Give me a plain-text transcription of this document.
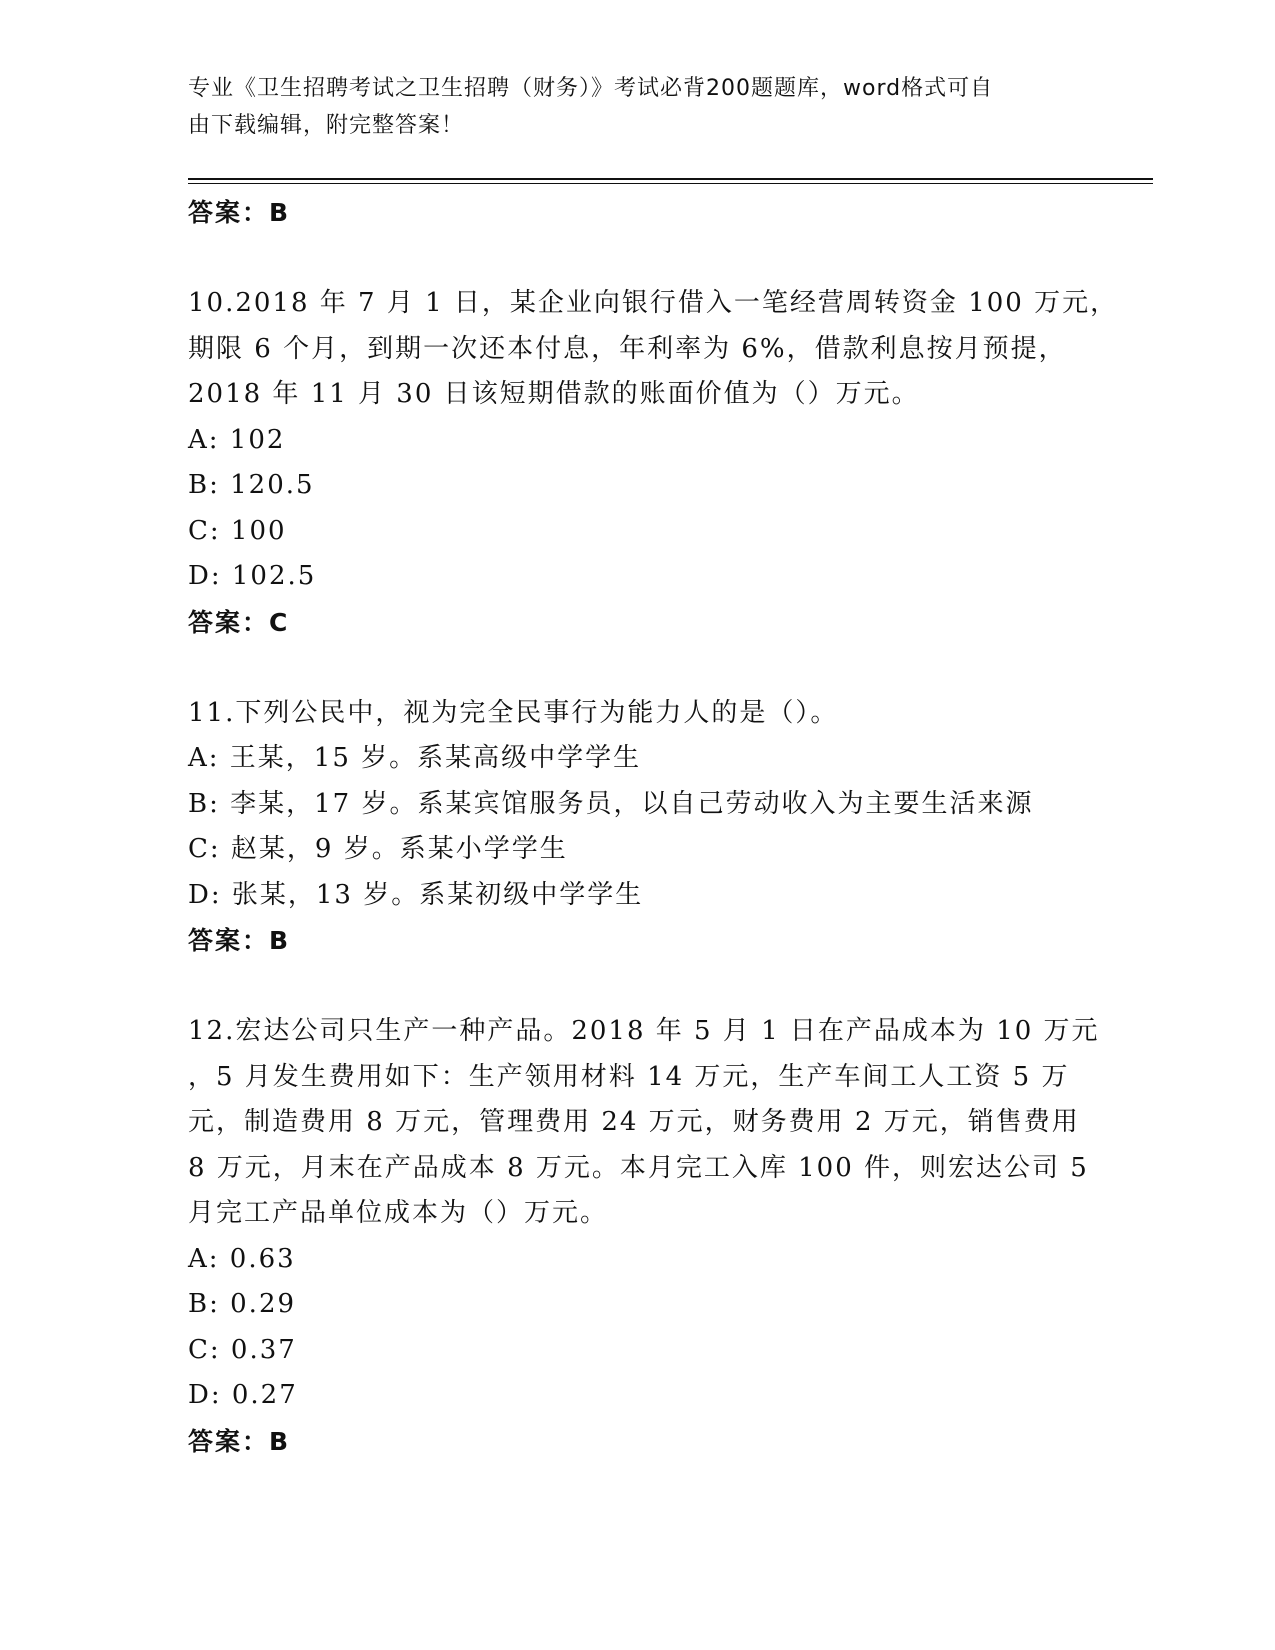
专业《卫生招聘考试之卫生招聘（财务）》考试必背200题题库，word格式可自
由下载编辑，附完整答案！
答案：B
10.2018 年 7 月 1 日，某企业向银行借入一笔经营周转资金 100 万元，
期限 6 个月，到期一次还本付息，年利率为 6%，借款利息按月预提，
2018 年 11 月 30 日该短期借款的账面价值为（）万元。
A: 102
B: 120.5
C: 100
D: 102.5
答案：C
11.下列公民中，视为完全民事行为能力人的是（）。
A: 王某，15 岁。系某高级中学学生
B: 李某，17 岁。系某宾馆服务员，以自己劳动收入为主要生活来源
C: 赵某，9 岁。系某小学学生
D: 张某，13 岁。系某初级中学学生
答案：B
12.宏达公司只生产一种产品。2018 年 5 月 1 日在产品成本为 10 万元
，5 月发生费用如下：生产领用材料 14 万元，生产车间工人工资 5 万
元，制造费用 8 万元，管理费用 24 万元，财务费用 2 万元，销售费用
8 万元，月末在产品成本 8 万元。本月完工入库 100 件，则宏达公司 5
月完工产品单位成本为（）万元。
A: 0.63
B: 0.29
C: 0.37
D: 0.27
答案：B
